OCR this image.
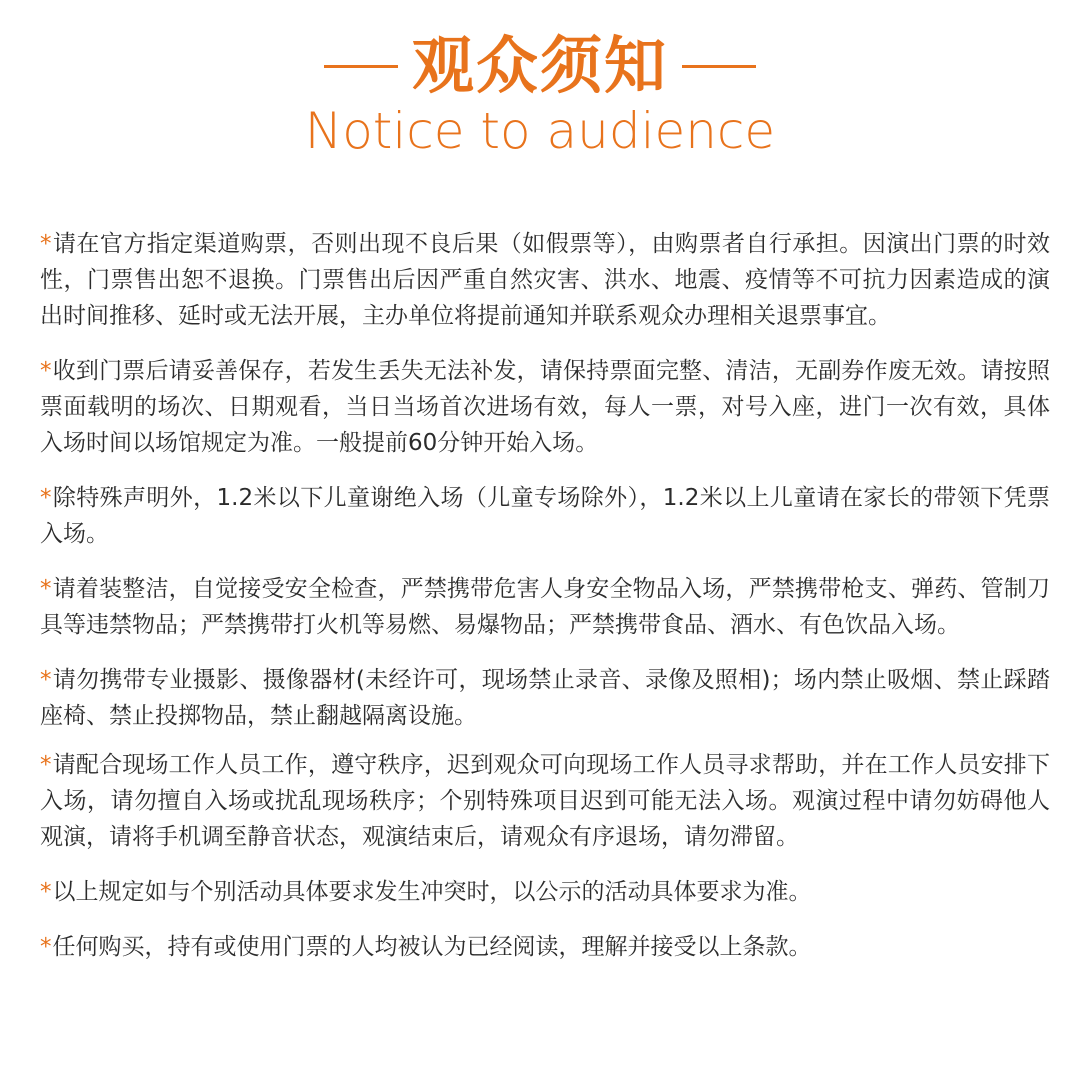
观众须知
Notice to audience
*请在官方指定渠道购票，否则出现不良后果（如假票等），由购票者自行承担。因演出门票的时效性，门票售出恕不退换。门票售出后因严重自然灾害、洪水、地震、疫情等不可抗力因素造成的演出时间推移、延时或无法开展，主办单位将提前通知并联系观众办理相关退票事宜。
*收到门票后请妥善保存，若发生丢失无法补发，请保持票面完整、清洁，无副券作废无效。请按照票面载明的场次、日期观看，当日当场首次进场有效，每人一票，对号入座，进门一次有效，具体入场时间以场馆规定为准。一般提前60分钟开始入场。
*除特殊声明外，1.2米以下儿童谢绝入场（儿童专场除外），1.2米以上儿童请在家长的带领下凭票入场。
*请着装整洁，自觉接受安全检查，严禁携带危害人身安全物品入场，严禁携带枪支、弹药、管制刀具等违禁物品；严禁携带打火机等易燃、易爆物品；严禁携带食品、酒水、有色饮品入场。
*请勿携带专业摄影、摄像器材(未经许可，现场禁止录音、录像及照相)；场内禁止吸烟、禁止踩踏座椅、禁止投掷物品，禁止翻越隔离设施。
*请配合现场工作人员工作，遵守秩序，迟到观众可向现场工作人员寻求帮助，并在工作人员安排下入场，请勿擅自入场或扰乱现场秩序；个别特殊项目迟到可能无法入场。观演过程中请勿妨碍他人观演，请将手机调至静音状态，观演结束后，请观众有序退场，请勿滞留。
*以上规定如与个别活动具体要求发生冲突时，以公示的活动具体要求为准。
*任何购买，持有或使用门票的人均被认为已经阅读，理解并接受以上条款。
